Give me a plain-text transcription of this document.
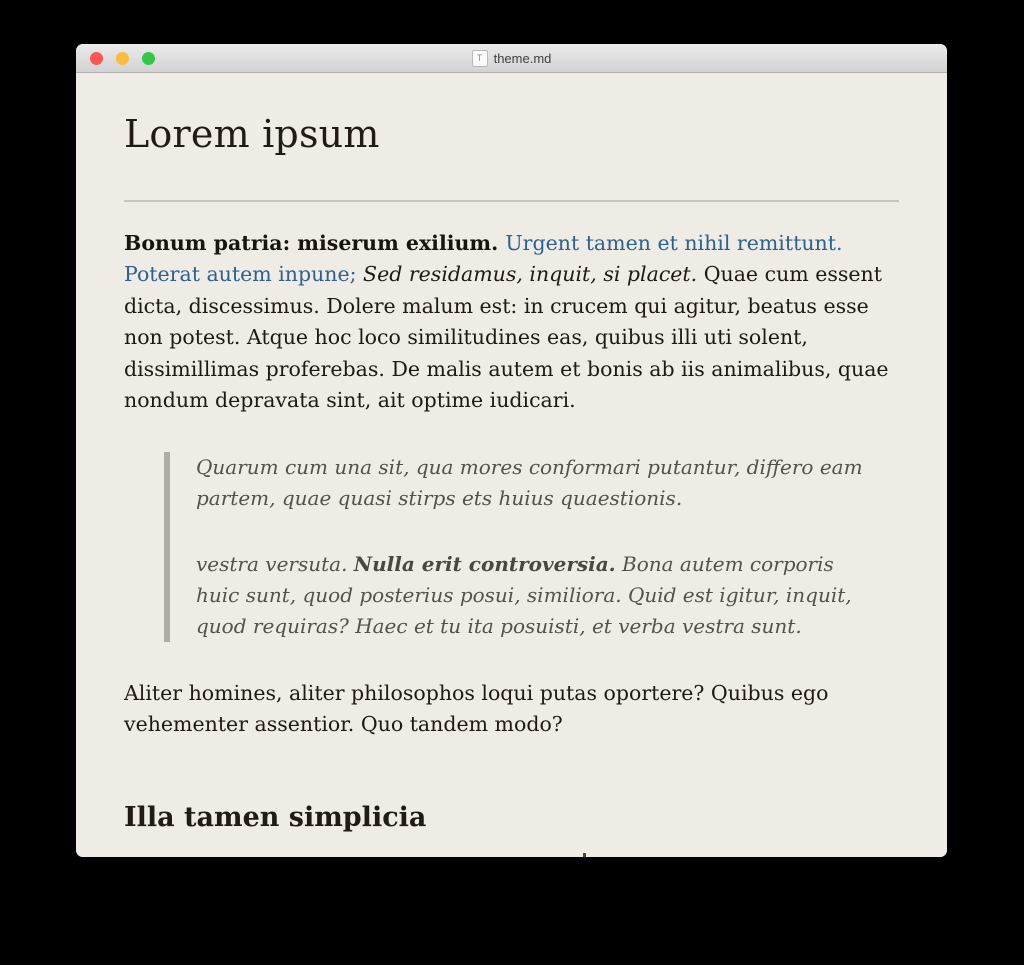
T theme.md
Lorem ipsum

Bonum patria: miserum exilium. Urgent tamen et nihil remittunt. Poterat autem inpune; Sed residamus, inquit, si placet. Quae cum essent dicta, discessimus. Dolere malum est: in crucem qui agitur, beatus esse non potest. Atque hoc loco similitudines eas, quibus illi uti solent, dissimillimas proferebas. De malis autem et bonis ab iis animalibus, quae nondum depravata sint, ait optime iudicari.

Quarum cum una sit, qua mores conformari putantur, differo eam partem, quae quasi stirps ets huius quaestionis.

vestra versuta. Nulla erit controversia. Bona autem corporis huic sunt, quod posterius posui, similiora. Quid est igitur, inquit, quod requiras? Haec et tu ita posuisti, et verba vestra sunt.

Aliter homines, aliter philosophos loqui putas oportere? Quibus ego vehementer assentior. Quo tandem modo?

Illa tamen simplicia
